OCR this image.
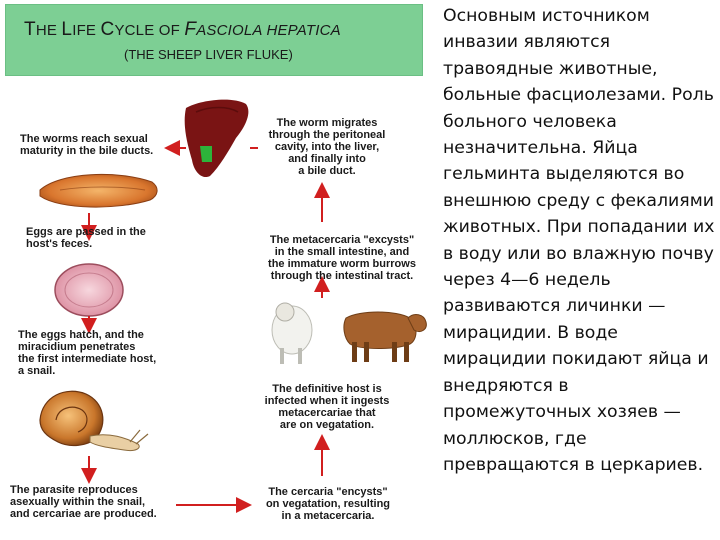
THE LIFE CYCLE OF FASCIOLA HEPATICA
(THE SHEEP LIVER FLUKE)
The worms reach sexual
maturity in the bile ducts.
Eggs are passed in the
host's feces.
The eggs hatch, and the
miracidium penetrates
the first intermediate host,
a snail.
The parasite reproduces
asexually within the snail,
and cercariae are produced.
The worm migrates
through the peritoneal
cavity, into the liver,
and finally into
a bile duct.
The metacercaria "excysts"
in the small intestine, and
the immature worm burrows
through the intestinal tract.
The definitive host is
infected when it ingests
metacercariae that
are on vegatation.
The cercaria "encysts"
on vegatation, resulting
in a metacercaria.
Основным источником инвазии являются травоядные животные, больные фасциолезами. Роль больного человека незначительна. Яйца гельминта выделяются во внешнюю среду с фекалиями животных. При попадании их в воду или во влажную почву через 4—6 недель развиваются личинки — мирацидии. В воде мирацидии покидают яйца и внедряются в промежуточных хозяев — моллюсков, где превращаются в церкариев.
